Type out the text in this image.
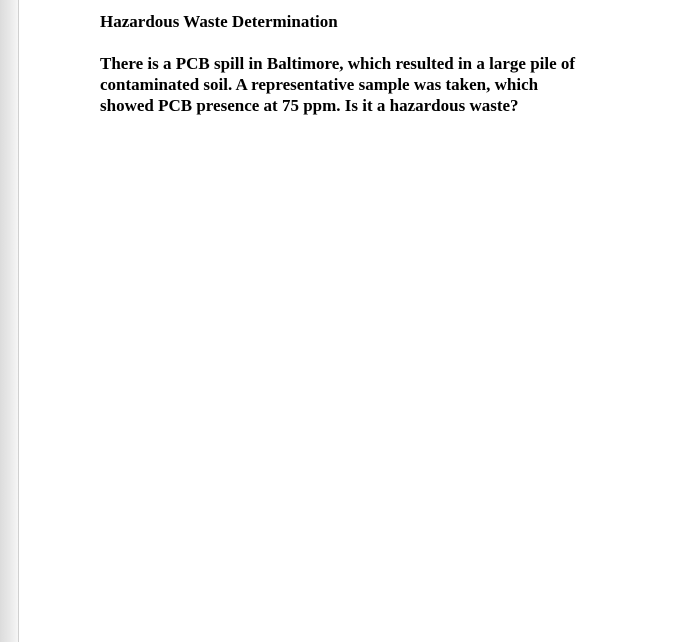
Hazardous Waste Determination

There is a PCB spill in Baltimore, which resulted in a large pile of
contaminated soil. A representative sample was taken, which
showed PCB presence at 75 ppm. Is it a hazardous waste?
